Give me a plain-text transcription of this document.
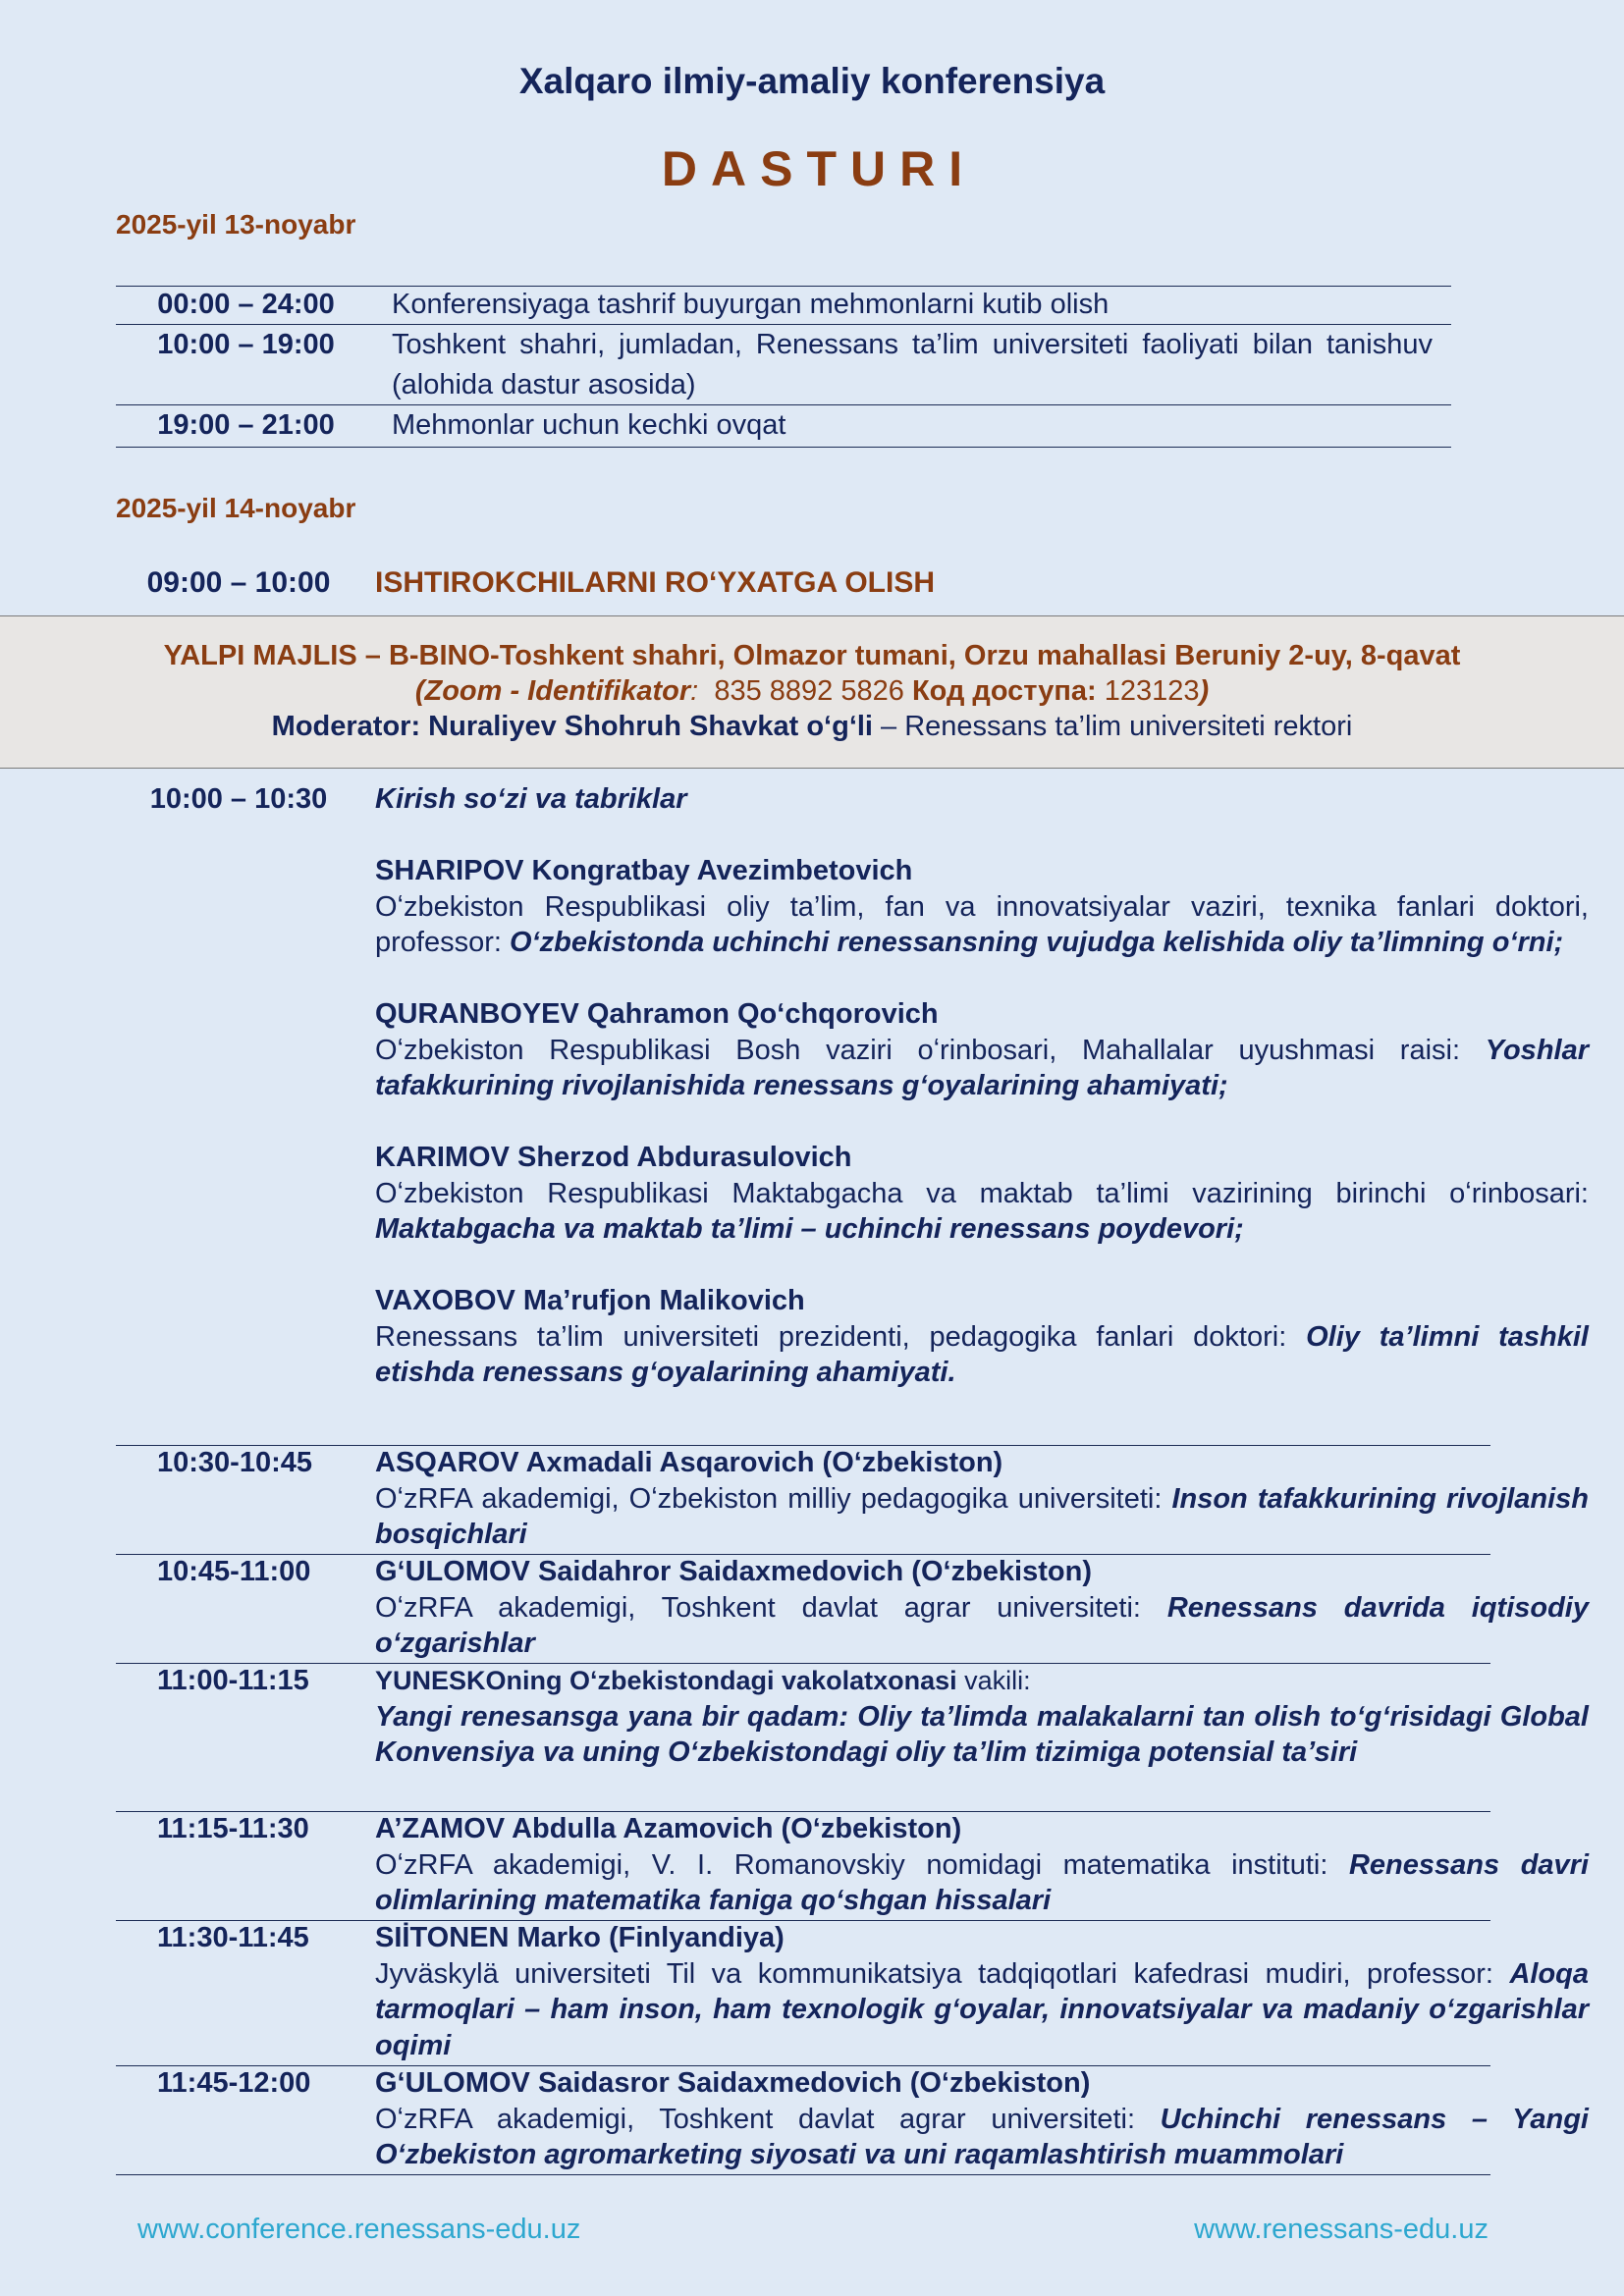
Xalqaro ilmiy-amaliy konferensiya
DASTURI
2025-yil 13-noyabr
00:00 – 24:00	Konferensiyaga tashrif buyurgan mehmonlarni kutib olish
10:00 – 19:00	Toshkent shahri, jumladan, Renessans ta’lim universiteti faoliyati bilan tanishuv (alohida dastur asosida)
19:00 – 21:00	Mehmonlar uchun kechki ovqat
2025-yil 14-noyabr
09:00 – 10:00	ISHTIROKCHILARNI ROʻYXATGA OLISH
YALPI MAJLIS – B-BINO-Toshkent shahri, Olmazor tumani, Orzu mahallasi Beruniy 2-uy, 8-qavat
(Zoom - Identifikator: 835 8892 5826 Код доступа: 123123)
Moderator: Nuraliyev Shohruh Shavkat oʻgʻli – Renessans ta’lim universiteti rektori
10:00 – 10:30	Kirish soʻzi va tabriklar
SHARIPOV Kongratbay Avezimbetovich
Oʻzbekiston Respublikasi oliy ta’lim, fan va innovatsiyalar vaziri, texnika fanlari doktori, professor: Oʻzbekistonda uchinchi renessansning vujudga kelishida oliy ta’limning oʻrni;
QURANBOYEV Qahramon Qoʻchqorovich
Oʻzbekiston Respublikasi Bosh vaziri oʻrinbosari, Mahallalar uyushmasi raisi: Yoshlar tafakkurining rivojlanishida renessans gʻoyalarining ahamiyati;
KARIMOV Sherzod Abdurasulovich
Oʻzbekiston Respublikasi Maktabgacha va maktab ta’limi vazirining birinchi oʻrinbosari: Maktabgacha va maktab ta’limi – uchinchi renessans poydevori;
VAXOBOV Ma’rufjon Malikovich
Renessans ta’lim universiteti prezidenti, pedagogika fanlari doktori: Oliy ta’limni tashkil etishda renessans gʻoyalarining ahamiyati.
10:30-10:45	ASQAROV Axmadali Asqarovich (Oʻzbekiston)
OʻzRFA akademigi, Oʻzbekiston milliy pedagogika universiteti: Inson tafakkurining rivojlanish bosqichlari
10:45-11:00	GʻULOMOV Saidahror Saidaxmedovich (Oʻzbekiston)
OʻzRFA akademigi, Toshkent davlat agrar universiteti: Renessans davrida iqtisodiy oʻzgarishlar
11:00-11:15	YUNESKOning Oʻzbekistondagi vakolatxonasi vakili:
Yangi renesansga yana bir qadam: Oliy ta’limda malakalarni tan olish toʻgʻrisidagi Global Konvensiya va uning Oʻzbekistondagi oliy ta’lim tizimiga potensial ta’siri
11:15-11:30	A’ZAMOV Abdulla Azamovich (Oʻzbekiston)
OʻzRFA akademigi, V. I. Romanovskiy nomidagi matematika instituti: Renessans davri olimlarining matematika faniga qoʻshgan hissalari
11:30-11:45	SIİTONEN Marko (Finlyandiya)
Jyväskylä universiteti Til va kommunikatsiya tadqiqotlari kafedrasi mudiri, professor: Aloqa tarmoqlari – ham inson, ham texnologik gʻoyalar, innovatsiyalar va madaniy oʻzgarishlar oqimi
11:45-12:00	GʻULOMOV Saidasror Saidaxmedovich (Oʻzbekiston)
OʻzRFA akademigi, Toshkent davlat agrar universiteti: Uchinchi renessans – Yangi Oʻzbekiston agromarketing siyosati va uni raqamlashtirish muammolari
www.conference.renessans-edu.uz	www.renessans-edu.uz
